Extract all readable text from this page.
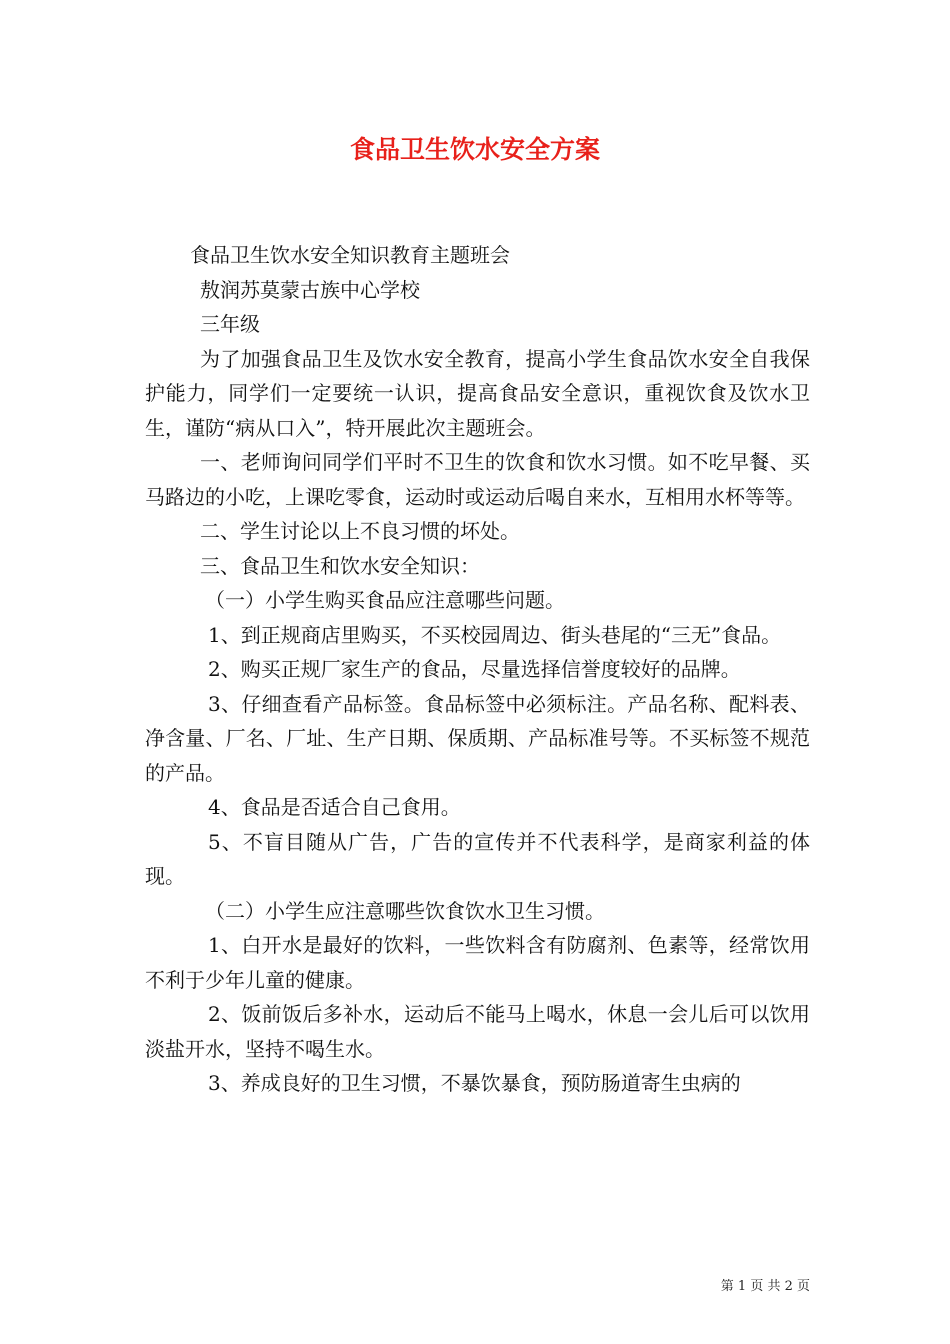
食品卫生饮水安全方案

食品卫生饮水安全知识教育主题班会

敖润苏莫蒙古族中心学校

三年级

为了加强食品卫生及饮水安全教育，提高小学生食品饮水安全自我保护能力，同学们一定要统一认识，提高食品安全意识，重视饮食及饮水卫生，谨防“病从口入”，特开展此次主题班会。

一、老师询问同学们平时不卫生的饮食和饮水习惯。如不吃早餐、买马路边的小吃，上课吃零食，运动时或运动后喝自来水，互相用水杯等等。

二、学生讨论以上不良习惯的坏处。

三、食品卫生和饮水安全知识：

（一）小学生购买食品应注意哪些问题。

1、到正规商店里购买，不买校园周边、街头巷尾的“三无”食品。

2、购买正规厂家生产的食品，尽量选择信誉度较好的品牌。

3、仔细查看产品标签。食品标签中必须标注。产品名称、配料表、净含量、厂名、厂址、生产日期、保质期、产品标准号等。不买标签不规范的产品。

4、食品是否适合自己食用。

5、不盲目随从广告，广告的宣传并不代表科学，是商家利益的体现。

（二）小学生应注意哪些饮食饮水卫生习惯。

1、白开水是最好的饮料，一些饮料含有防腐剂、色素等，经常饮用不利于少年儿童的健康。

2、饭前饭后多补水，运动后不能马上喝水，休息一会儿后可以饮用淡盐开水，坚持不喝生水。

3、养成良好的卫生习惯，不暴饮暴食，预防肠道寄生虫病的

第 1 页 共 2 页
